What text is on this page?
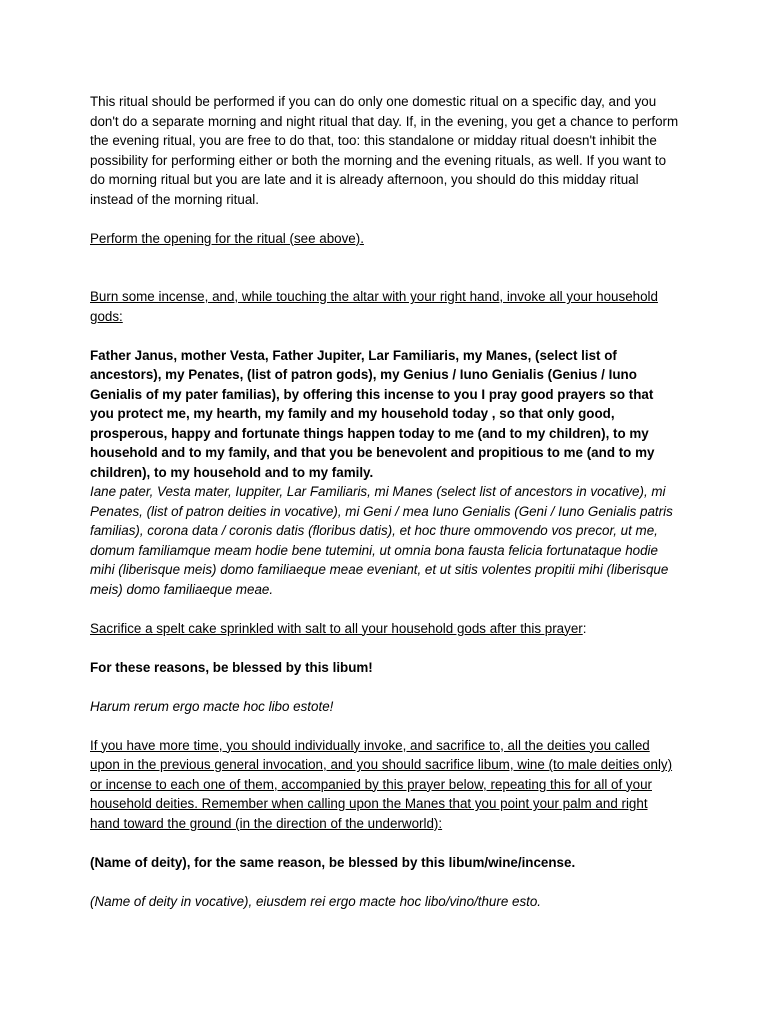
This ritual should be performed if you can do only one domestic ritual on a specific day, and you don't do a separate morning and night ritual that day. If, in the evening, you get a chance to perform the evening ritual, you are free to do that, too: this standalone or midday ritual doesn't inhibit the possibility for performing either or both the morning and the evening rituals, as well. If you want to do morning ritual but you are late and it is already afternoon, you should do this midday ritual instead of the morning ritual.

Perform the opening for the ritual (see above).

Burn some incense, and, while touching the altar with your right hand, invoke all your household gods:

Father Janus, mother Vesta, Father Jupiter, Lar Familiaris, my Manes, (select list of ancestors), my Penates, (list of patron gods), my Genius / Iuno Genialis (Genius / Iuno Genialis of my pater familias), by offering this incense to you I pray good prayers so that you protect me, my hearth, my family and my household today , so that only good, prosperous, happy and fortunate things happen today to me (and to my children), to my household and to my family, and that you be benevolent and propitious to me (and to my children), to my household and to my family.

Iane pater, Vesta mater, Iuppiter, Lar Familiaris, mi Manes (select list of ancestors in vocative), mi Penates, (list of patron deities in vocative), mi Geni / mea Iuno Genialis (Geni / Iuno Genialis patris familias), corona data / coronis datis (floribus datis), et hoc thure ommovendo vos precor, ut me, domum familiamque meam hodie bene tutemini, ut omnia bona fausta felicia fortunataque hodie mihi (liberisque meis) domo familiaeque meae eveniant, et ut sitis volentes propitii mihi (liberisque meis) domo familiaeque meae.

Sacrifice a spelt cake sprinkled with salt to all your household gods after this prayer:

For these reasons, be blessed by this libum!

Harum rerum ergo macte hoc libo estote!

If you have more time, you should individually invoke, and sacrifice to, all the deities you called upon in the previous general invocation, and you should sacrifice libum, wine (to male deities only) or incense to each one of them, accompanied by this prayer below, repeating this for all of your household deities. Remember when calling upon the Manes that you point your palm and right hand toward the ground (in the direction of the underworld):

(Name of deity), for the same reason, be blessed by this libum/wine/incense.

(Name of deity in vocative), eiusdem rei ergo macte hoc libo/vino/thure esto.
